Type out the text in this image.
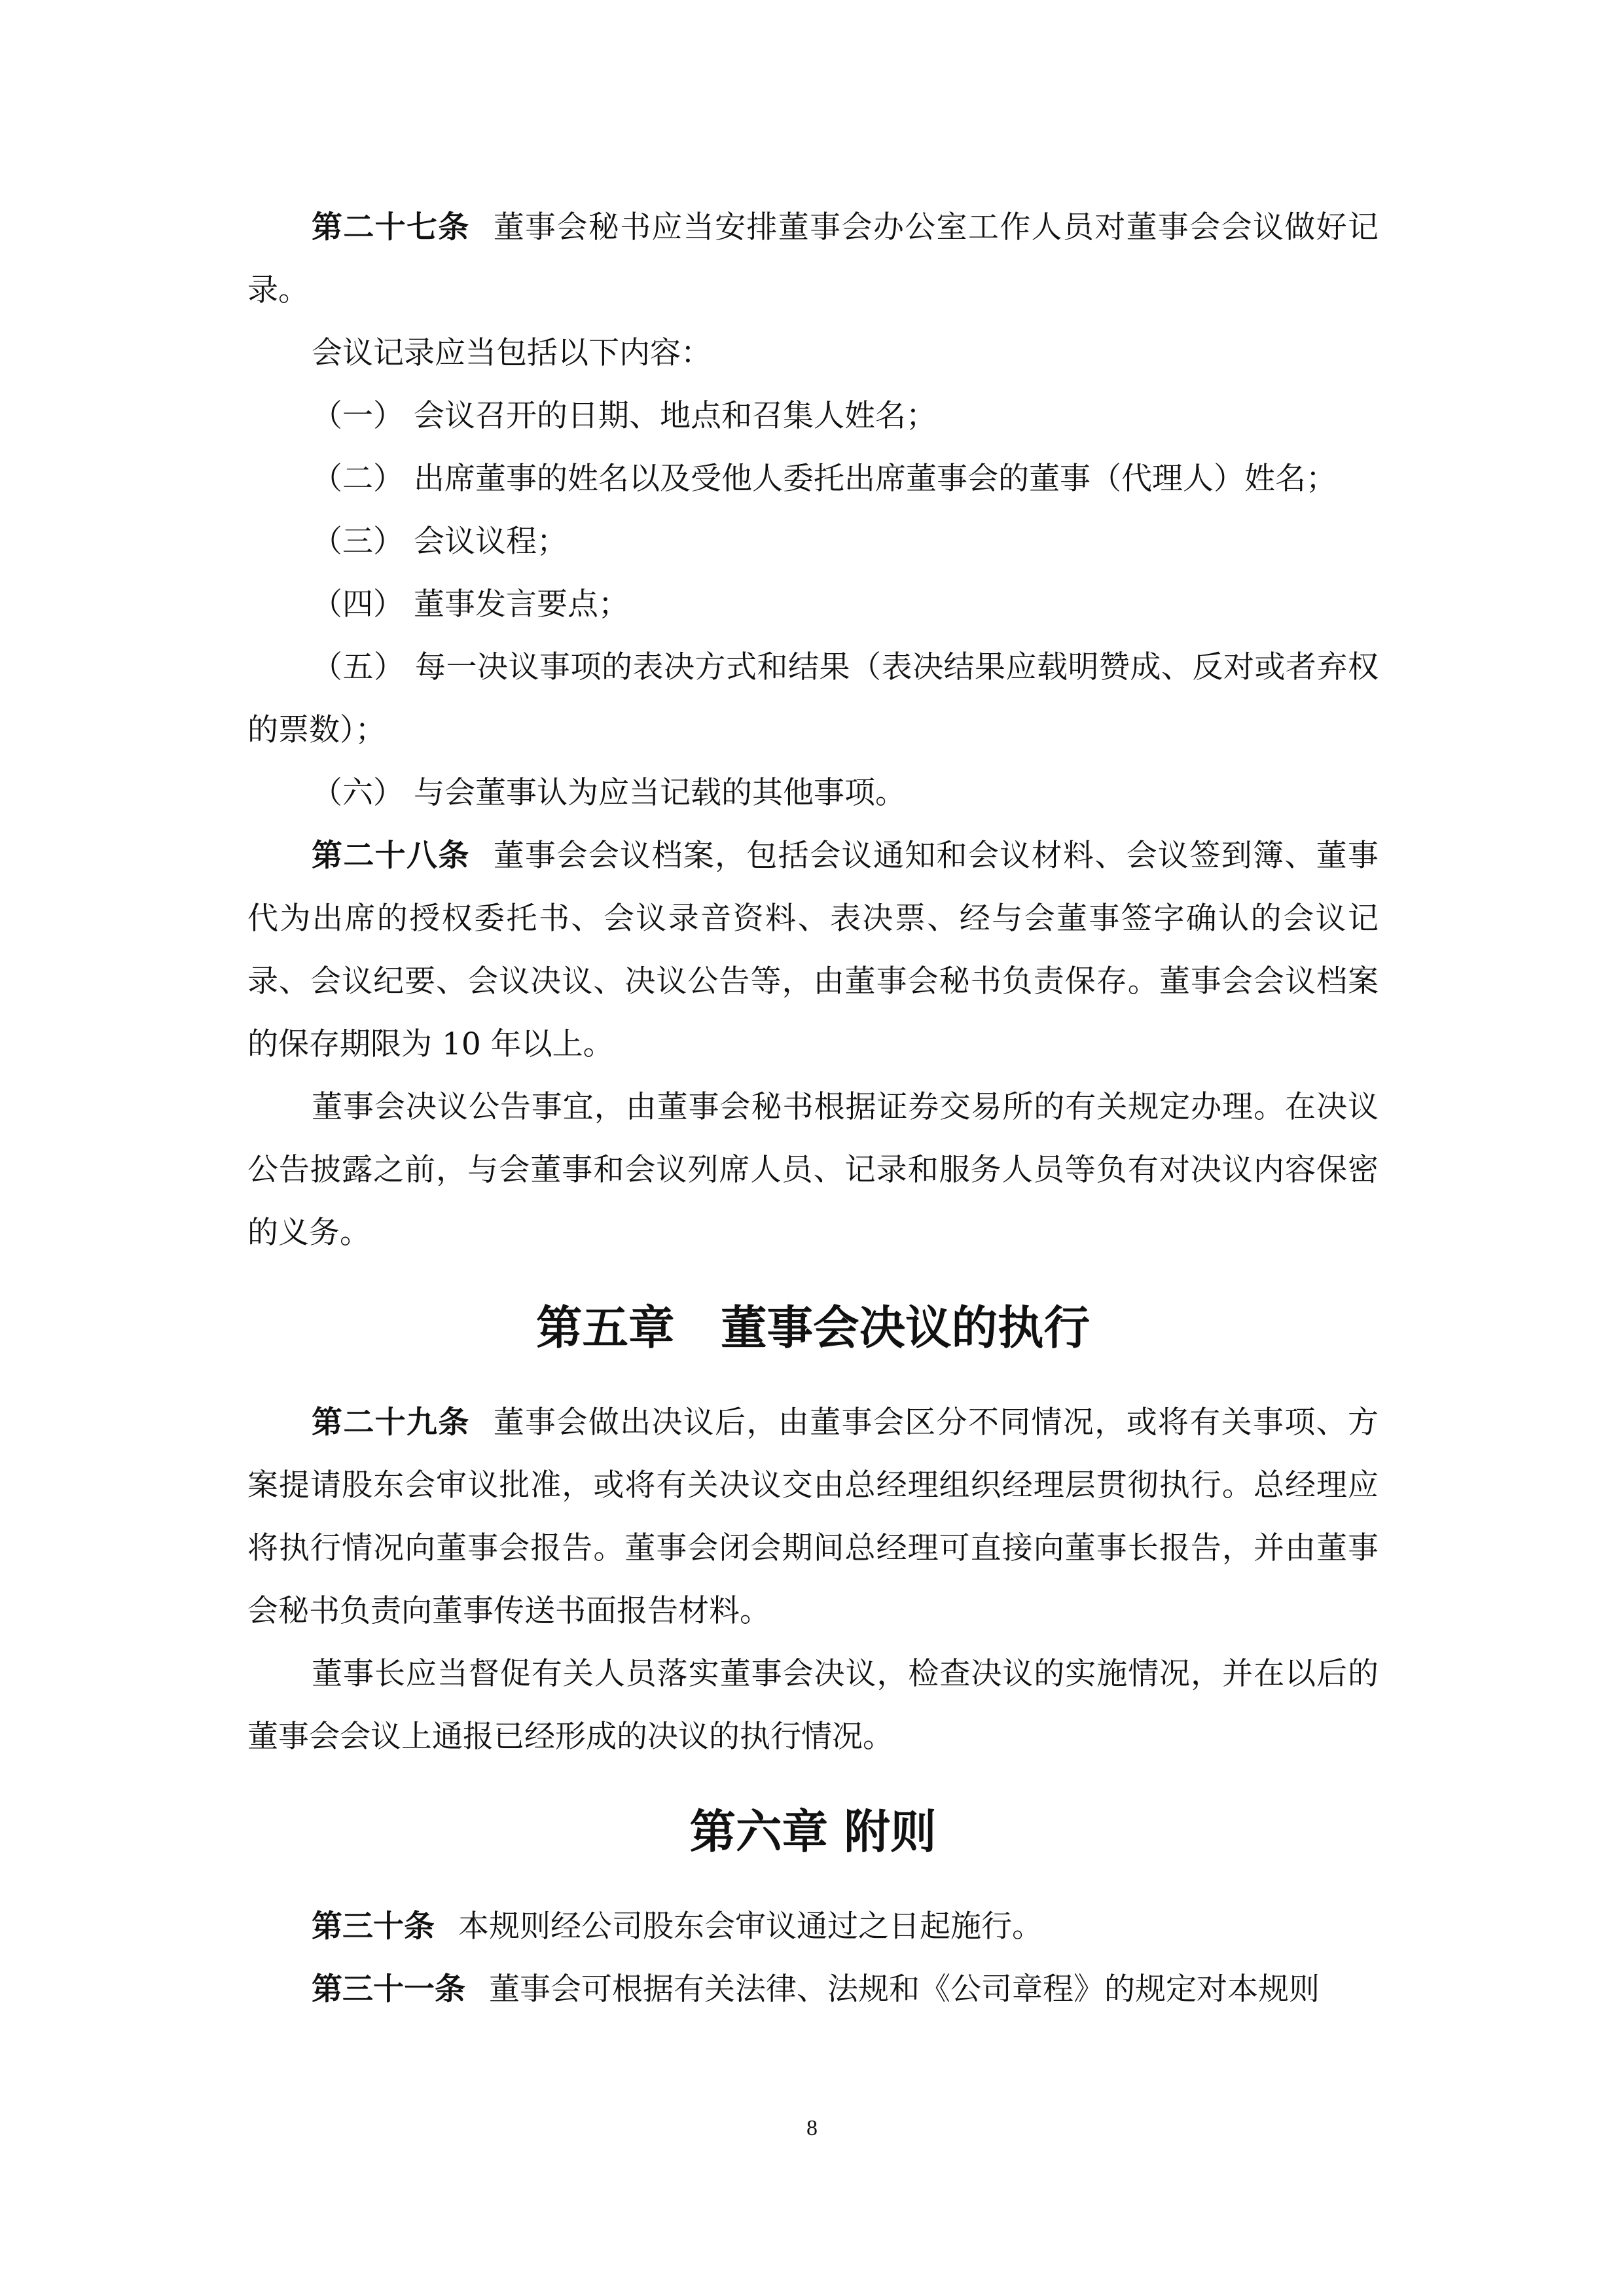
第二十七条 董事会秘书应当安排董事会办公室工作人员对董事会会议做好记录。

会议记录应当包括以下内容：

（一） 会议召开的日期、地点和召集人姓名；

（二） 出席董事的姓名以及受他人委托出席董事会的董事（代理人）姓名；

（三） 会议议程；

（四） 董事发言要点；

（五） 每一决议事项的表决方式和结果（表决结果应载明赞成、反对或者弃权的票数）；

（六） 与会董事认为应当记载的其他事项。

第二十八条 董事会会议档案，包括会议通知和会议材料、会议签到簿、董事代为出席的授权委托书、会议录音资料、表决票、经与会董事签字确认的会议记录、会议纪要、会议决议、决议公告等，由董事会秘书负责保存。董事会会议档案的保存期限为 10 年以上。

董事会决议公告事宜，由董事会秘书根据证券交易所的有关规定办理。在决议公告披露之前，与会董事和会议列席人员、记录和服务人员等负有对决议内容保密的义务。

第五章　董事会决议的执行

第二十九条 董事会做出决议后，由董事会区分不同情况，或将有关事项、方案提请股东会审议批准，或将有关决议交由总经理组织经理层贯彻执行。总经理应将执行情况向董事会报告。董事会闭会期间总经理可直接向董事长报告，并由董事会秘书负责向董事传送书面报告材料。

董事长应当督促有关人员落实董事会决议，检查决议的实施情况，并在以后的董事会会议上通报已经形成的决议的执行情况。

第六章 附则

第三十条 本规则经公司股东会审议通过之日起施行。

第三十一条 董事会可根据有关法律、法规和《公司章程》的规定对本规则

8
